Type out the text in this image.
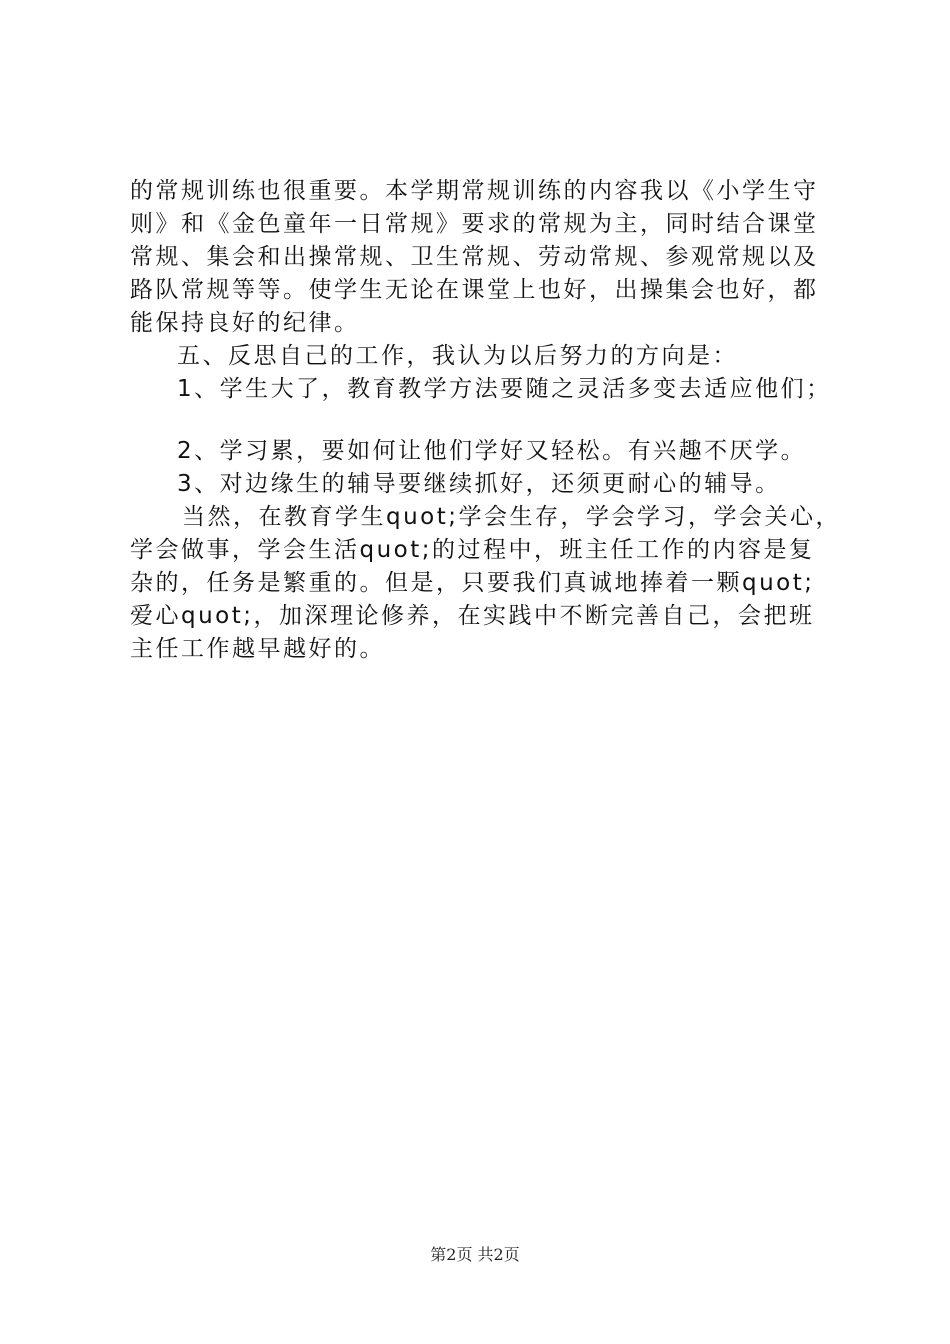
的常规训练也很重要。本学期常规训练的内容我以《小学生守
则》和《金色童年一日常规》要求的常规为主，同时结合课堂
常规、集会和出操常规、卫生常规、劳动常规、参观常规以及
路队常规等等。使学生无论在课堂上也好，出操集会也好，都
能保持良好的纪律。
五、反思自己的工作，我认为以后努力的方向是：
1、学生大了，教育教学方法要随之灵活多变去适应他们；
2、学习累，要如何让他们学好又轻松。有兴趣不厌学。
3、对边缘生的辅导要继续抓好，还须更耐心的辅导。
当然，在教育学生quot;学会生存，学会学习，学会关心，
学会做事，学会生活quot;的过程中，班主任工作的内容是复
杂的，任务是繁重的。但是，只要我们真诚地捧着一颗quot;
爱心quot;，加深理论修养，在实践中不断完善自己，会把班
主任工作越早越好的。
第2页 共2页
